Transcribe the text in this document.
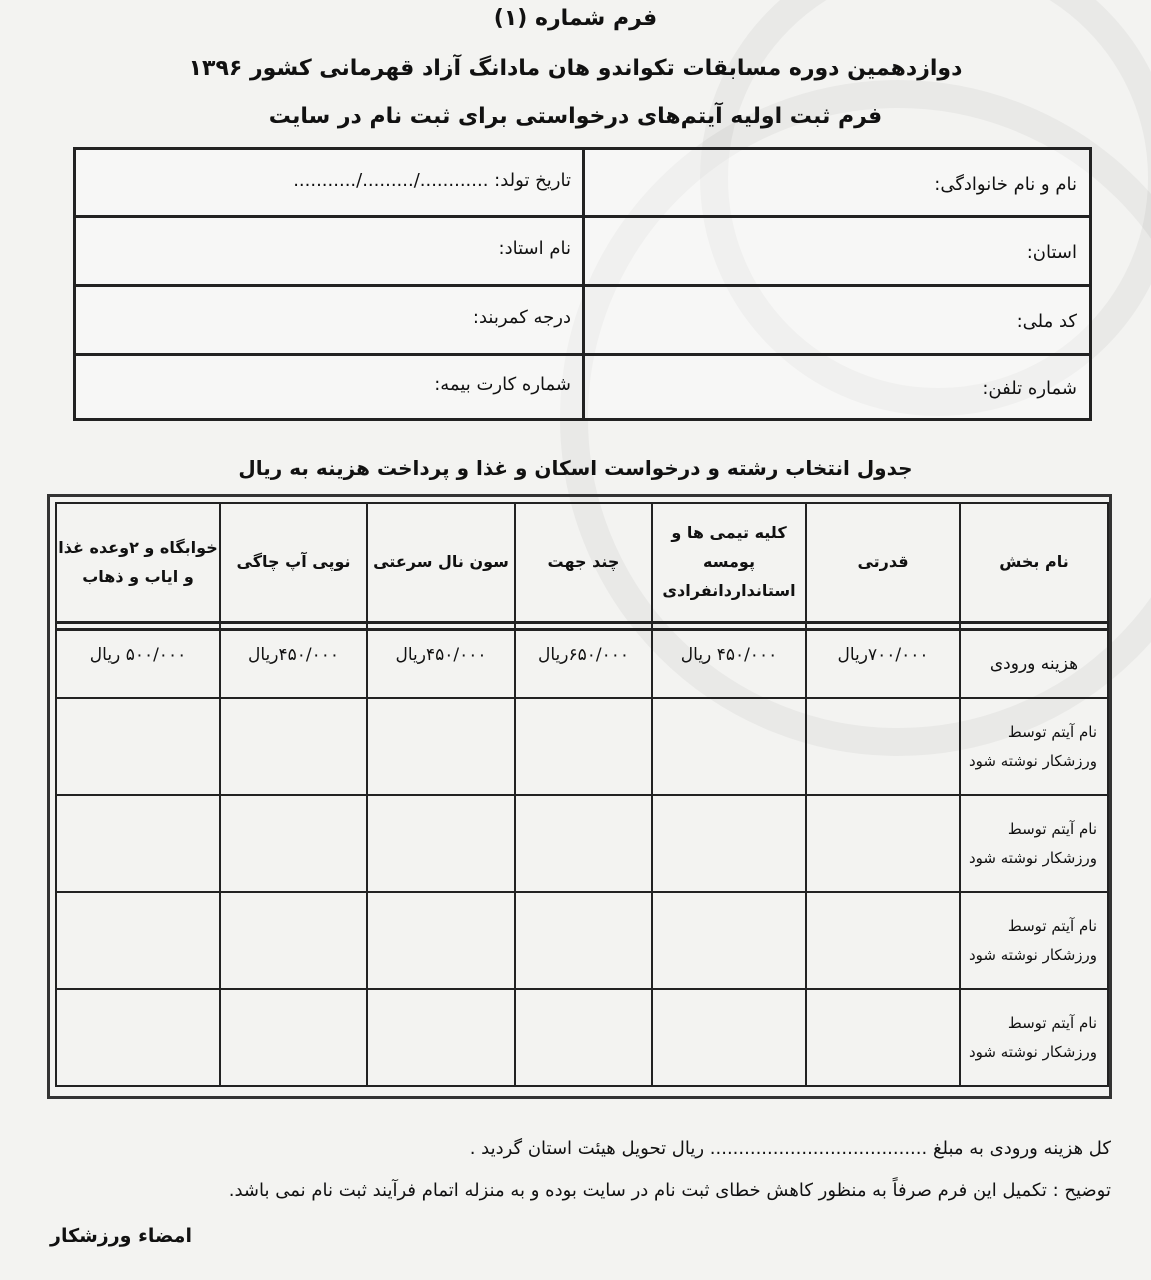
فرم شماره (۱)
دوازدهمین دوره مسابقات تکواندو هان مادانگ آزاد قهرمانی کشور ۱۳۹۶
فرم ثبت اولیه آیتم‌های درخواستی برای ثبت نام در سایت
نام و نام خانوادگی:
تاریخ تولد: ............/........./...........
استان:
نام استاد:
کد ملی:
درجه کمربند:
شماره تلفن:
شماره کارت بیمه:
جدول انتخاب رشته و درخواست اسکان و غذا و پرداخت هزینه به ریال
نام بخش	قدرتی	کلیه تیمی ها و پومسه استاندارد‌انفرادی	چند جهت	سون نال سرعتی	نوپی آپ چاگی	خوابگاه و ۲وعده غذا و اياب و ذهاب

هزینه ورودی	۷۰۰/۰۰۰ریال	۴۵۰/۰۰۰ ریال	۶۵۰/۰۰۰ریال	۴۵۰/۰۰۰ریال	۴۵۰/۰۰۰ریال	۵۰۰/۰۰۰ ریال

نام آیتم توسط ورزشکار نوشته شود						

نام آیتم توسط ورزشکار نوشته شود						

نام آیتم توسط ورزشکار نوشته شود						

نام آیتم توسط ورزشکار نوشته شود						

کل هزینه ورودی به مبلغ ...................................... ریال تحویل هیئت استان گردید .
توضیح : تکمیل این فرم صرفاً به منظور کاهش خطای ثبت نام در سایت بوده و به منزله اتمام فرآیند ثبت نام نمی باشد.
امضاء ورزشکار
